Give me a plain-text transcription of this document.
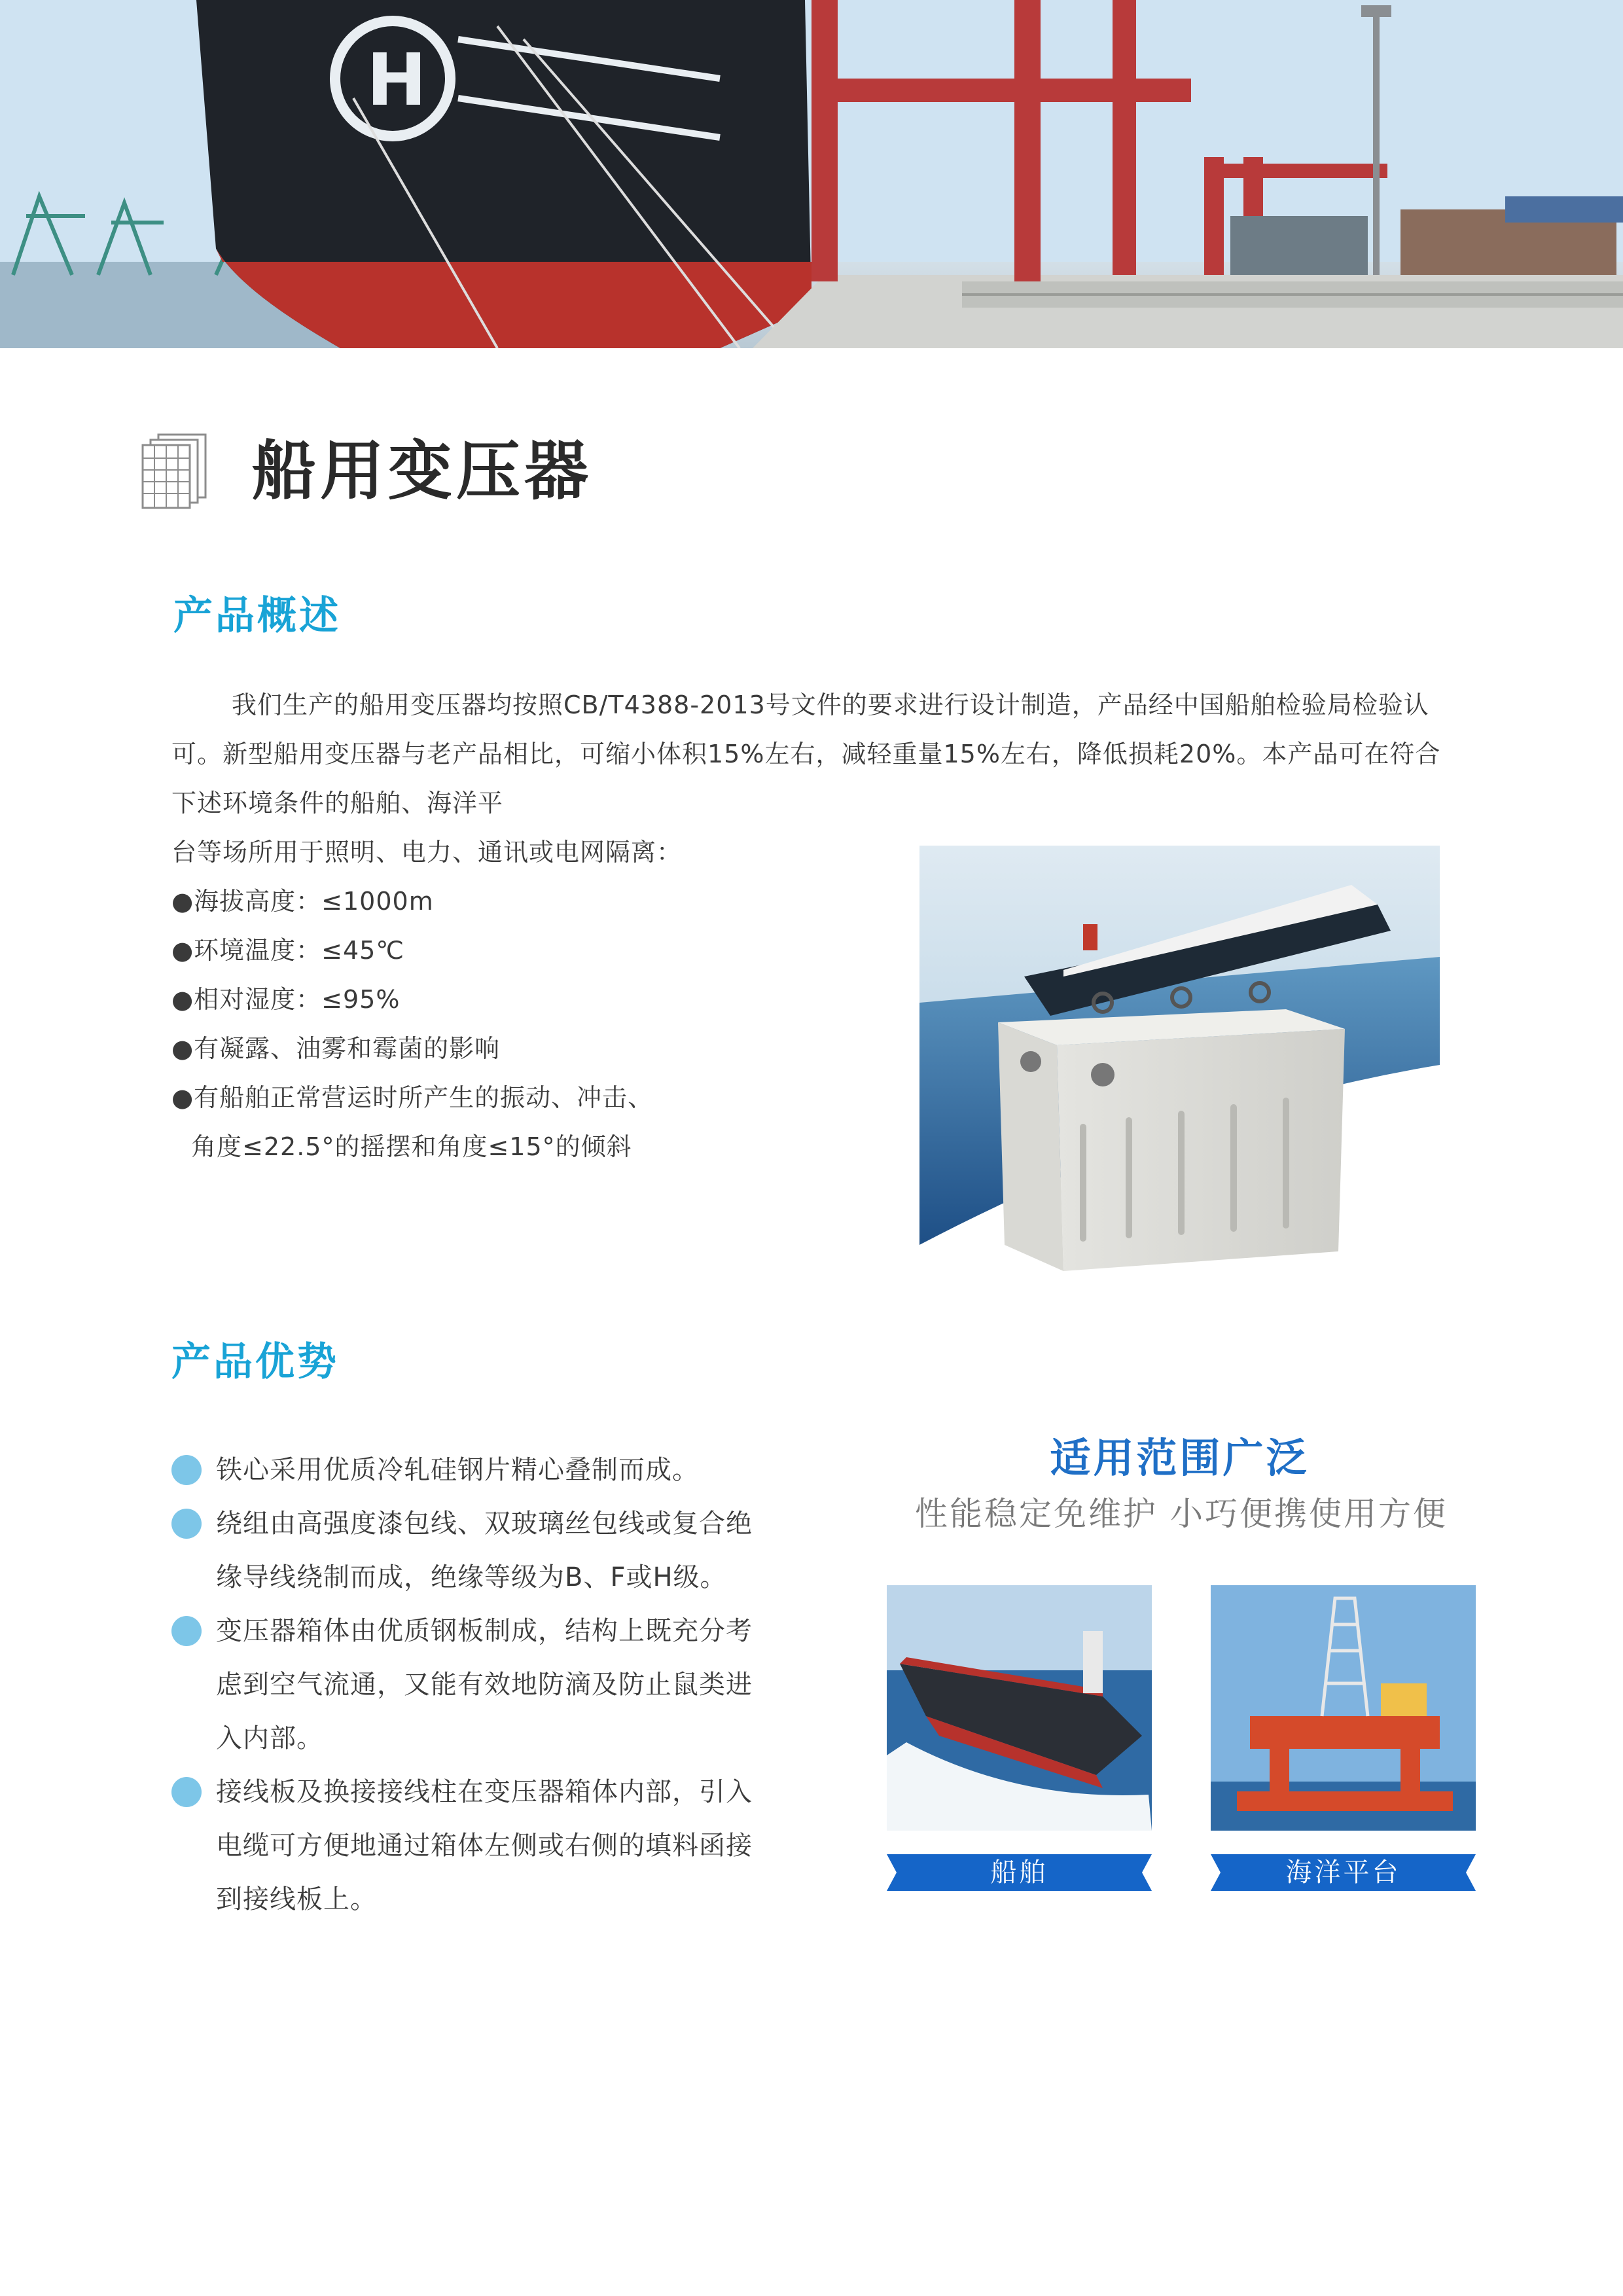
H
船用变压器
产品概述
我们生产的船用变压器均按照CB/T4388-2013号文件的要求进行设计制造，产品经中国船舶检验局检验认可。新型船用变压器与老产品相比，可缩小体积15%左右，减轻重量15%左右，降低损耗20%。本产品可在符合下述环境条件的船舶、海洋平
台等场所用于照明、电力、通讯或电网隔离：
●海拔高度：≤1000m
●环境温度：≤45℃
●相对湿度：≤95%
●有凝露、油雾和霉菌的影响
●有船舶正常营运时所产生的振动、冲击、
角度≤22.5°的摇摆和角度≤15°的倾斜
产品优势
铁心采用优质冷轧硅钢片精心叠制而成。
绕组由高强度漆包线、双玻璃丝包线或复合绝缘导线绕制而成，绝缘等级为B、F或H级。
变压器箱体由优质钢板制成，结构上既充分考虑到空气流通，又能有效地防滴及防止鼠类进入内部。
接线板及换接接线柱在变压器箱体内部，引入电缆可方便地通过箱体左侧或右侧的填料函接到接线板上。
适用范围广泛
性能稳定免维护 小巧便携使用方便
船舶	海洋平台
